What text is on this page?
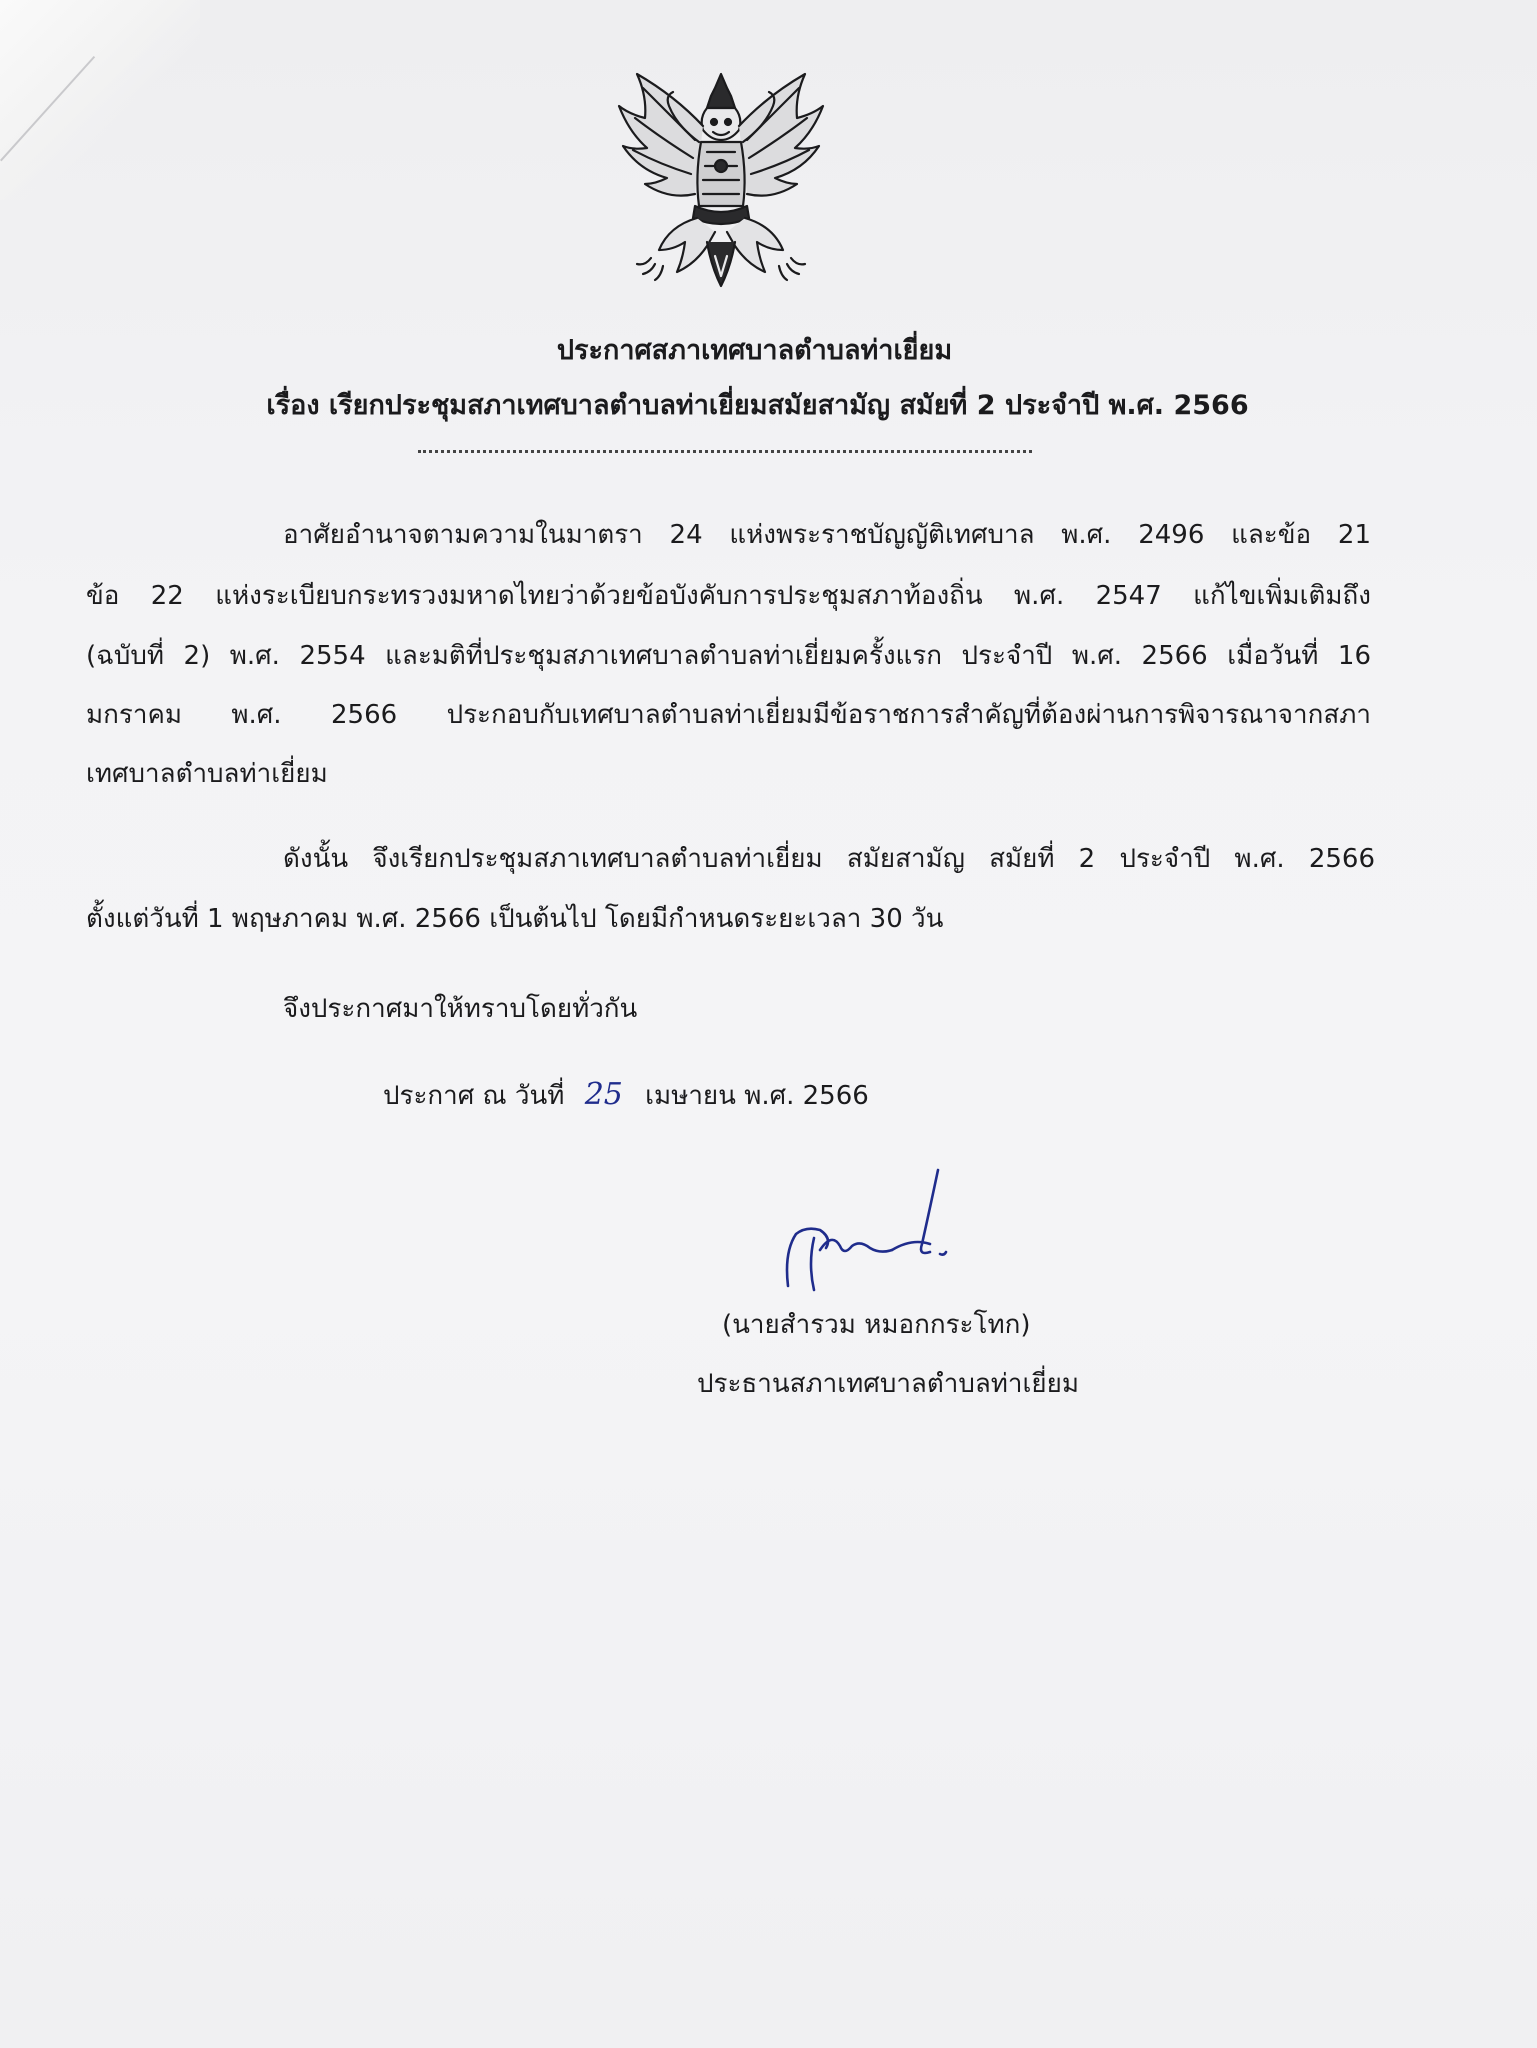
ประกาศสภาเทศบาลตำบลท่าเยี่ยม
เรื่อง เรียกประชุมสภาเทศบาลตำบลท่าเยี่ยมสมัยสามัญ สมัยที่ 2 ประจำปี พ.ศ. 2566
อาศัยอำนาจตามความในมาตรา 24 แห่งพระราชบัญญัติเทศบาล พ.ศ. 2496 และข้อ 21
ข้อ 22 แห่งระเบียบกระทรวงมหาดไทยว่าด้วยข้อบังคับการประชุมสภาท้องถิ่น พ.ศ. 2547 แก้ไขเพิ่มเติมถึง
(ฉบับที่ 2) พ.ศ. 2554 และมติที่ประชุมสภาเทศบาลตำบลท่าเยี่ยมครั้งแรก ประจำปี พ.ศ. 2566 เมื่อวันที่ 16
มกราคม พ.ศ. 2566 ประกอบกับเทศบาลตำบลท่าเยี่ยมมีข้อราชการสำคัญที่ต้องผ่านการพิจารณาจากสภา
เทศบาลตำบลท่าเยี่ยม
ดังนั้น จึงเรียกประชุมสภาเทศบาลตำบลท่าเยี่ยม สมัยสามัญ สมัยที่ 2 ประจำปี พ.ศ. 2566
ตั้งแต่วันที่ 1 พฤษภาคม พ.ศ. 2566 เป็นต้นไป โดยมีกำหนดระยะเวลา 30 วัน
จึงประกาศมาให้ทราบโดยทั่วกัน
ประกาศ ณ วันที่ 25 เมษายน พ.ศ. 2566
(นายสำรวม หมอกกระโทก)
ประธานสภาเทศบาลตำบลท่าเยี่ยม
